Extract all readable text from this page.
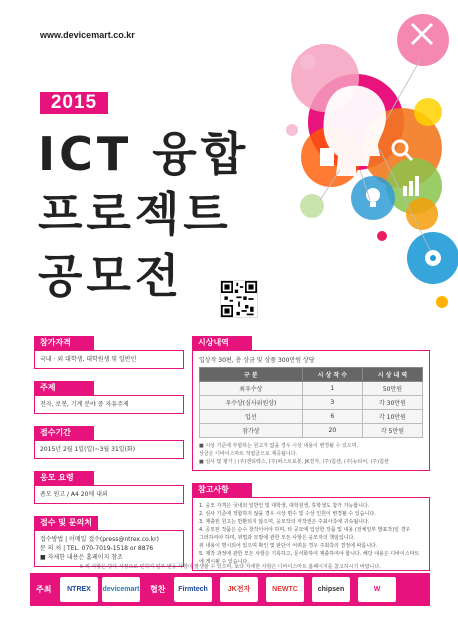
www.devicemart.co.kr
2015
ICT 융합
프로젝트
공모전
참가자격
국내 · 외 대학생, 대학원생 및 일반인
주제
전자, 로봇, 기계 분야 중 자유주제
접수기간
2015년 2월 1일(일)~3월 31일(화)
응모 요령
좀모 원고 / A4 20매 내외
접수 및 문의처
접수방법 | 이메일 접수(press@ntrex.co.kr)
문 의 처 | TEL. 070-7019-1518 or 8876
■ 자세한 내용은 홈페이지 참조
시상내역
입상작 30편, 총 상금 및 상품 300만원 상당
구 분	시 상 작 수	시 상 내 역
최우수상	1	50만원
우수상(심사위원상)	3	각 30만원
입선	6	각 10만원
참가상	20	각 5만원
■ 시상 기준에 부합하는 원고가 없을 경우 시상 내용이 변경될 수 있으며,
상금은 디바이스마트 적립금으로 제공됩니다.
■ 심사 및 평가 | (주)엔티렉스, (주)퍼스트로봇, JK전자, (주)칩센, (주)뉴티씨, (주)칩센
참고사항
1. 응모 자격은 국내외 일반인 및 대학생, 대학원생, 휴학생도 참가 가능합니다.
2. 심사 기준에 적합하지 않을 경우 시상 편수 및 수상 인원이 변경될 수 있습니다.
3. 제출된 원고는 반환되지 않으며, 응모작의 저작권은 주최사측에 귀속됩니다.
4. 공모된 작품은 순수 창작이어야 하며, 타 공모에 입상한 작품 및 내용 (전체일부 발표작)일 경우
그러하여야 하며, 위법과 모방에 관한 모든 사항은 응모자의 책임입니다.
위 내용이 명시되어 있으며 확인 및 판단이 어려운 경우 주최측의 결정에 따릅니다.
5. 제작 과정에 관한 모든 사항은 기록하고, 문서화하여 제출하여야 합니다. 해당 내용은 디바이스마트
에 게시될 수 있습니다.
※ 위 사항은 당사 사정으로 인하여 일부 변동 사항이 발생할 수 있으며, 보다 자세한 사항은 디바이스마트 홈페이지를 참고하시기 바랍니다.
주최	NTREX	devicemart 협찬	Firmtech	JK전자	NEWTC	chipsen	W
